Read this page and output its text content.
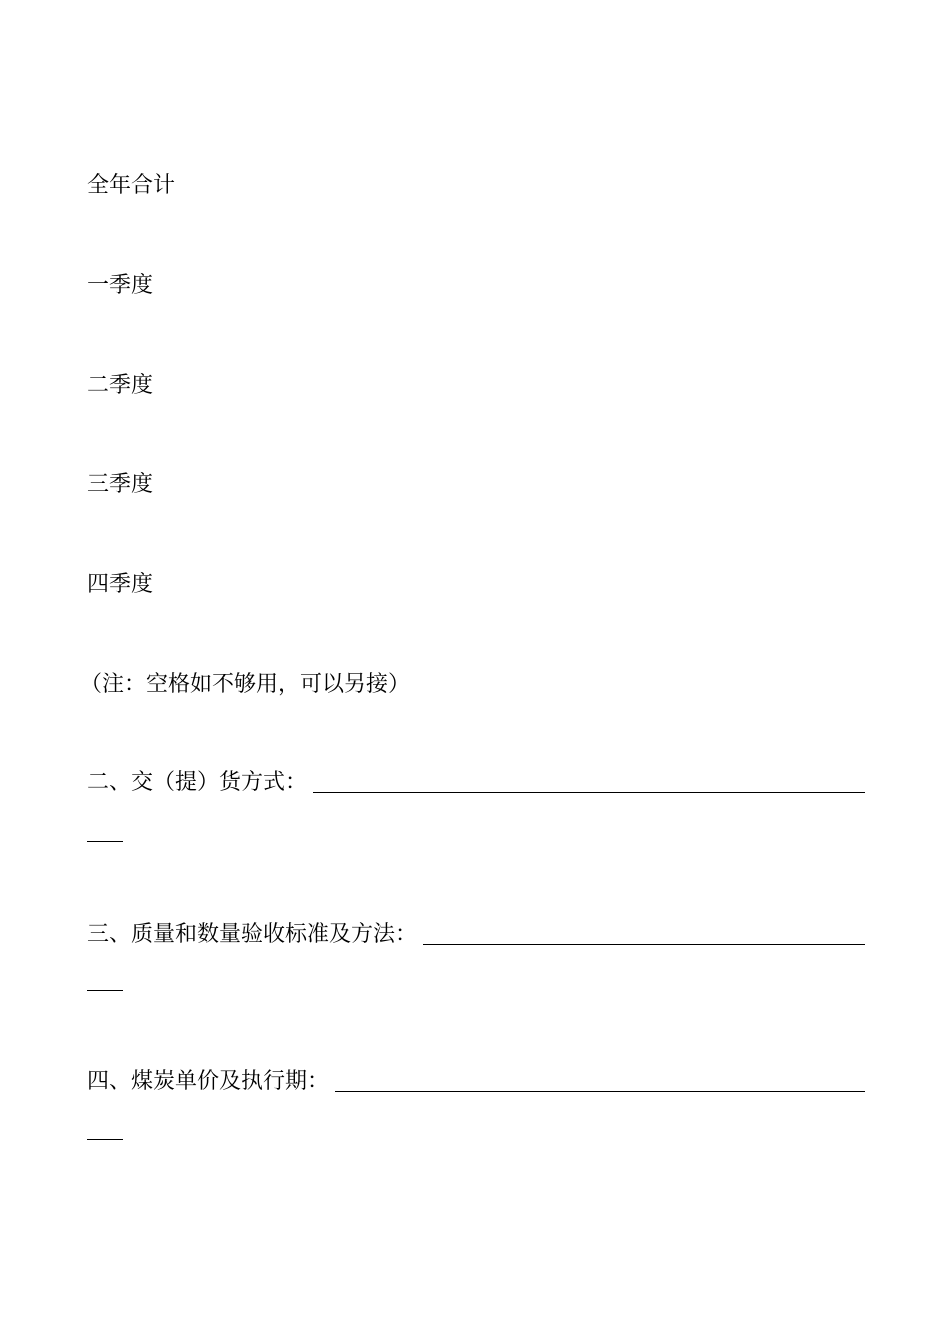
全年合计

一季度

二季度

三季度

四季度

（注：空格如不够用，可以另接）

二、交（提）货方式：
三、质量和数量验收标准及方法：
四、煤炭单价及执行期：
